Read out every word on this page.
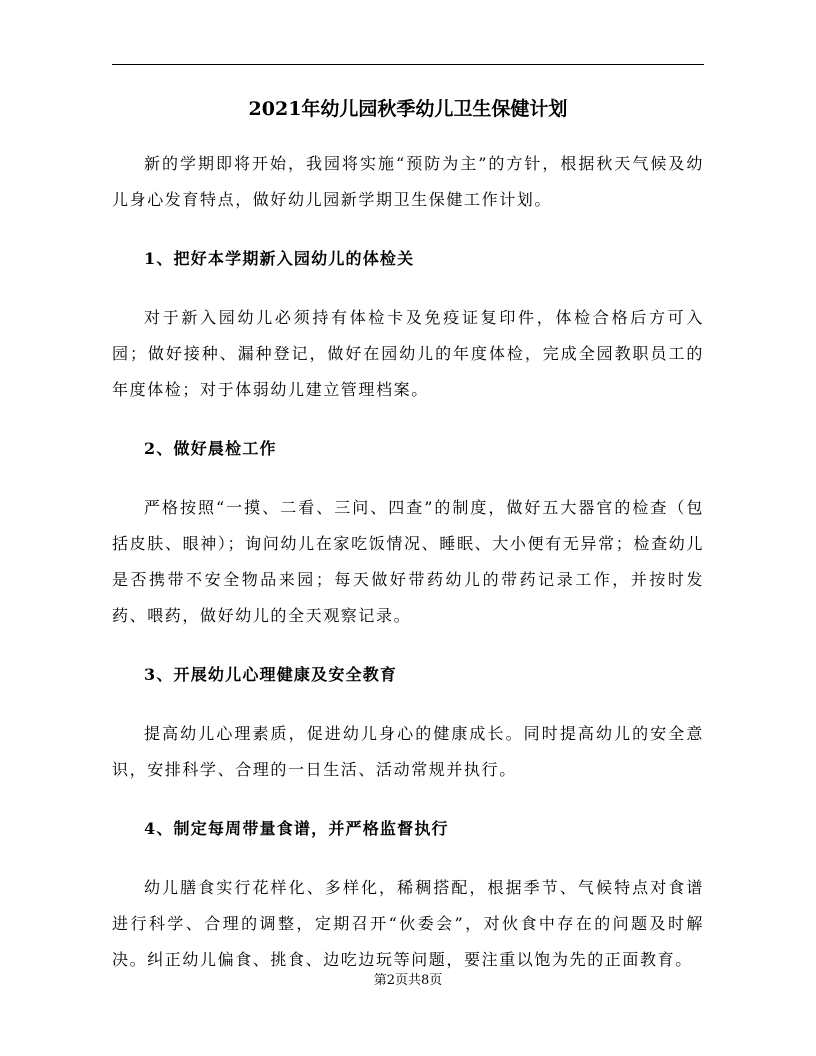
2021年幼儿园秋季幼儿卫生保健计划

新的学期即将开始，我园将实施“预防为主”的方针，根据秋天气候及幼儿身心发育特点，做好幼儿园新学期卫生保健工作计划。

1、把好本学期新入园幼儿的体检关

对于新入园幼儿必须持有体检卡及免疫证复印件，体检合格后方可入园；做好接种、漏种登记，做好在园幼儿的年度体检，完成全园教职员工的年度体检；对于体弱幼儿建立管理档案。

2、做好晨检工作

严格按照“一摸、二看、三问、四查”的制度，做好五大器官的检查（包括皮肤、眼神）；询问幼儿在家吃饭情况、睡眠、大小便有无异常；检查幼儿是否携带不安全物品来园；每天做好带药幼儿的带药记录工作，并按时发药、喂药，做好幼儿的全天观察记录。

3、开展幼儿心理健康及安全教育

提高幼儿心理素质，促进幼儿身心的健康成长。同时提高幼儿的安全意识，安排科学、合理的一日生活、活动常规并执行。

4、制定每周带量食谱，并严格监督执行

幼儿膳食实行花样化、多样化，稀稠搭配，根据季节、气候特点对食谱进行科学、合理的调整，定期召开“伙委会”，对伙食中存在的问题及时解决。纠正幼儿偏食、挑食、边吃边玩等问题，要注重以饱为先的正面教育。

第2页共8页
